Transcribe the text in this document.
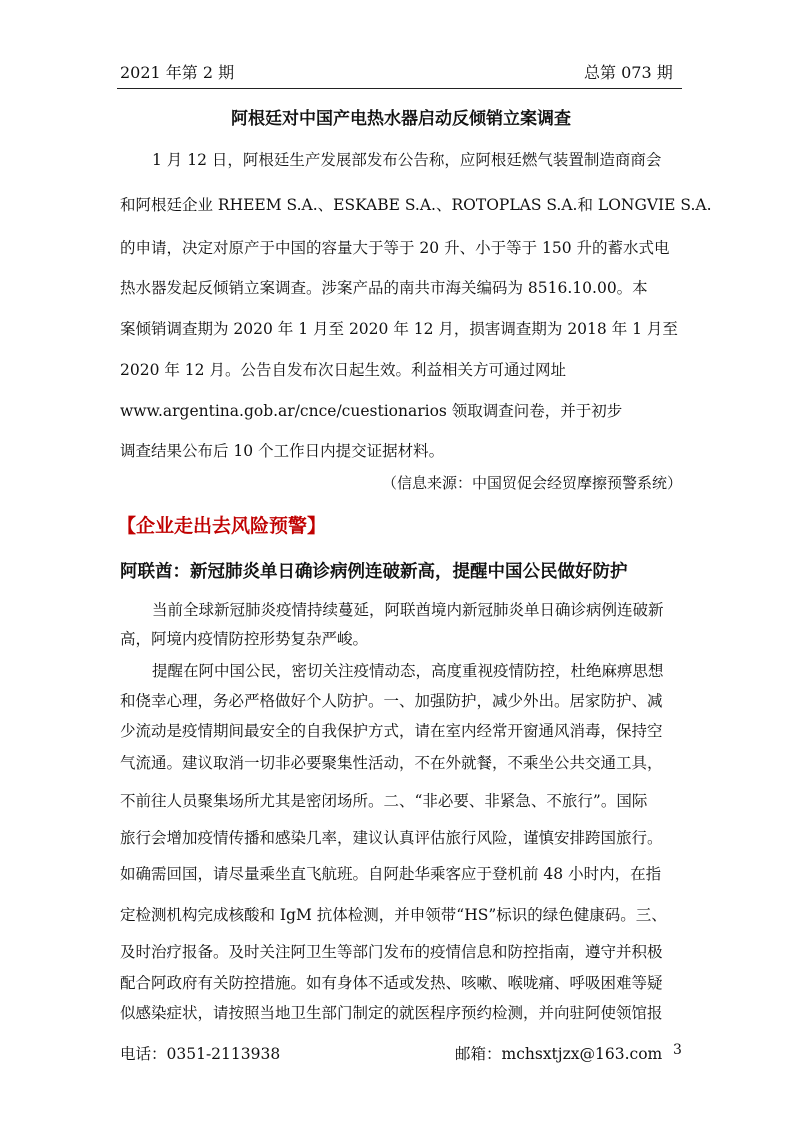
2021 年第 2 期	总第 073 期
阿根廷对中国产电热水器启动反倾销立案调查
1 月 12 日，阿根廷生产发展部发布公告称，应阿根廷燃气装置制造商商会
和阿根廷企业 RHEEM S.A.、ESKABE S.A.、ROTOPLAS S.A.和 LONGVIE S.A.
的申请，决定对原产于中国的容量大于等于 20 升、小于等于 150 升的蓄水式电
热水器发起反倾销立案调查。涉案产品的南共市海关编码为 8516.10.00。本
案倾销调查期为 2020 年 1 月至 2020 年 12 月，损害调查期为 2018 年 1 月至
2020 年 12 月。公告自发布次日起生效。利益相关方可通过网址
www.argentina.gob.ar/cnce/cuestionarios 领取调查问卷，并于初步
调查结果公布后 10 个工作日内提交证据材料。
（信息来源：中国贸促会经贸摩擦预警系统）
【企业走出去风险预警】
阿联酋：新冠肺炎单日确诊病例连破新高，提醒中国公民做好防护
当前全球新冠肺炎疫情持续蔓延，阿联酋境内新冠肺炎单日确诊病例连破新
高，阿境内疫情防控形势复杂严峻。
提醒在阿中国公民，密切关注疫情动态，高度重视疫情防控，杜绝麻痹思想
和侥幸心理，务必严格做好个人防护。一、加强防护，减少外出。居家防护、减
少流动是疫情期间最安全的自我保护方式，请在室内经常开窗通风消毒，保持空
气流通。建议取消一切非必要聚集性活动，不在外就餐，不乘坐公共交通工具，
不前往人员聚集场所尤其是密闭场所。二、“非必要、非紧急、不旅行”。国际
旅行会增加疫情传播和感染几率，建议认真评估旅行风险，谨慎安排跨国旅行。
如确需回国，请尽量乘坐直飞航班。自阿赴华乘客应于登机前 48 小时内，在指
定检测机构完成核酸和 IgM 抗体检测，并申领带“HS”标识的绿色健康码。三、
及时治疗报备。及时关注阿卫生等部门发布的疫情信息和防控指南，遵守并积极
配合阿政府有关防控措施。如有身体不适或发热、咳嗽、喉咙痛、呼吸困难等疑
似感染症状，请按照当地卫生部门制定的就医程序预约检测，并向驻阿使领馆报
电话：0351-2113938	邮箱：mchsxtjzx@163.com 3
